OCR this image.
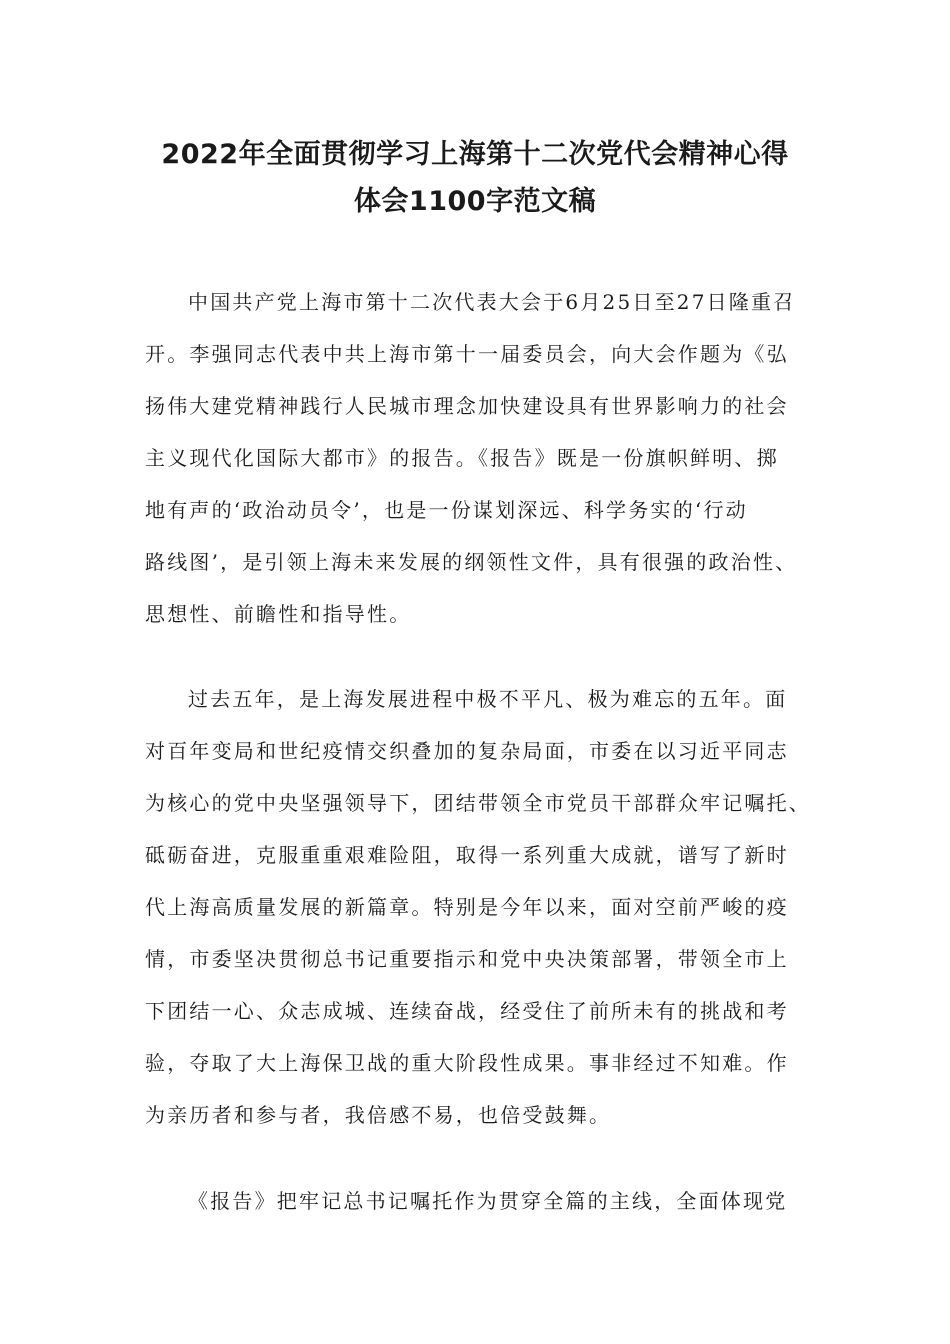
2022年全面贯彻学习上海第十二次党代会精神心得
体会1100字范文稿
中国共产党上海市第十二次代表大会于6月25日至27日隆重召
开。李强同志代表中共上海市第十一届委员会，向大会作题为《弘
扬伟大建党精神践行人民城市理念加快建设具有世界影响力的社会
主义现代化国际大都市》的报告。《报告》既是一份旗帜鲜明、掷
地有声的‘政治动员令’，也是一份谋划深远、科学务实的‘行动
路线图’，是引领上海未来发展的纲领性文件，具有很强的政治性、
思想性、前瞻性和指导性。
过去五年，是上海发展进程中极不平凡、极为难忘的五年。面
对百年变局和世纪疫情交织叠加的复杂局面，市委在以习近平同志
为核心的党中央坚强领导下，团结带领全市党员干部群众牢记嘱托、
砥砺奋进，克服重重艰难险阻，取得一系列重大成就，谱写了新时
代上海高质量发展的新篇章。特别是今年以来，面对空前严峻的疫
情，市委坚决贯彻总书记重要指示和党中央决策部署，带领全市上
下团结一心、众志成城、连续奋战，经受住了前所未有的挑战和考
验，夺取了大上海保卫战的重大阶段性成果。事非经过不知难。作
为亲历者和参与者，我倍感不易，也倍受鼓舞。
《报告》把牢记总书记嘱托作为贯穿全篇的主线，全面体现党
